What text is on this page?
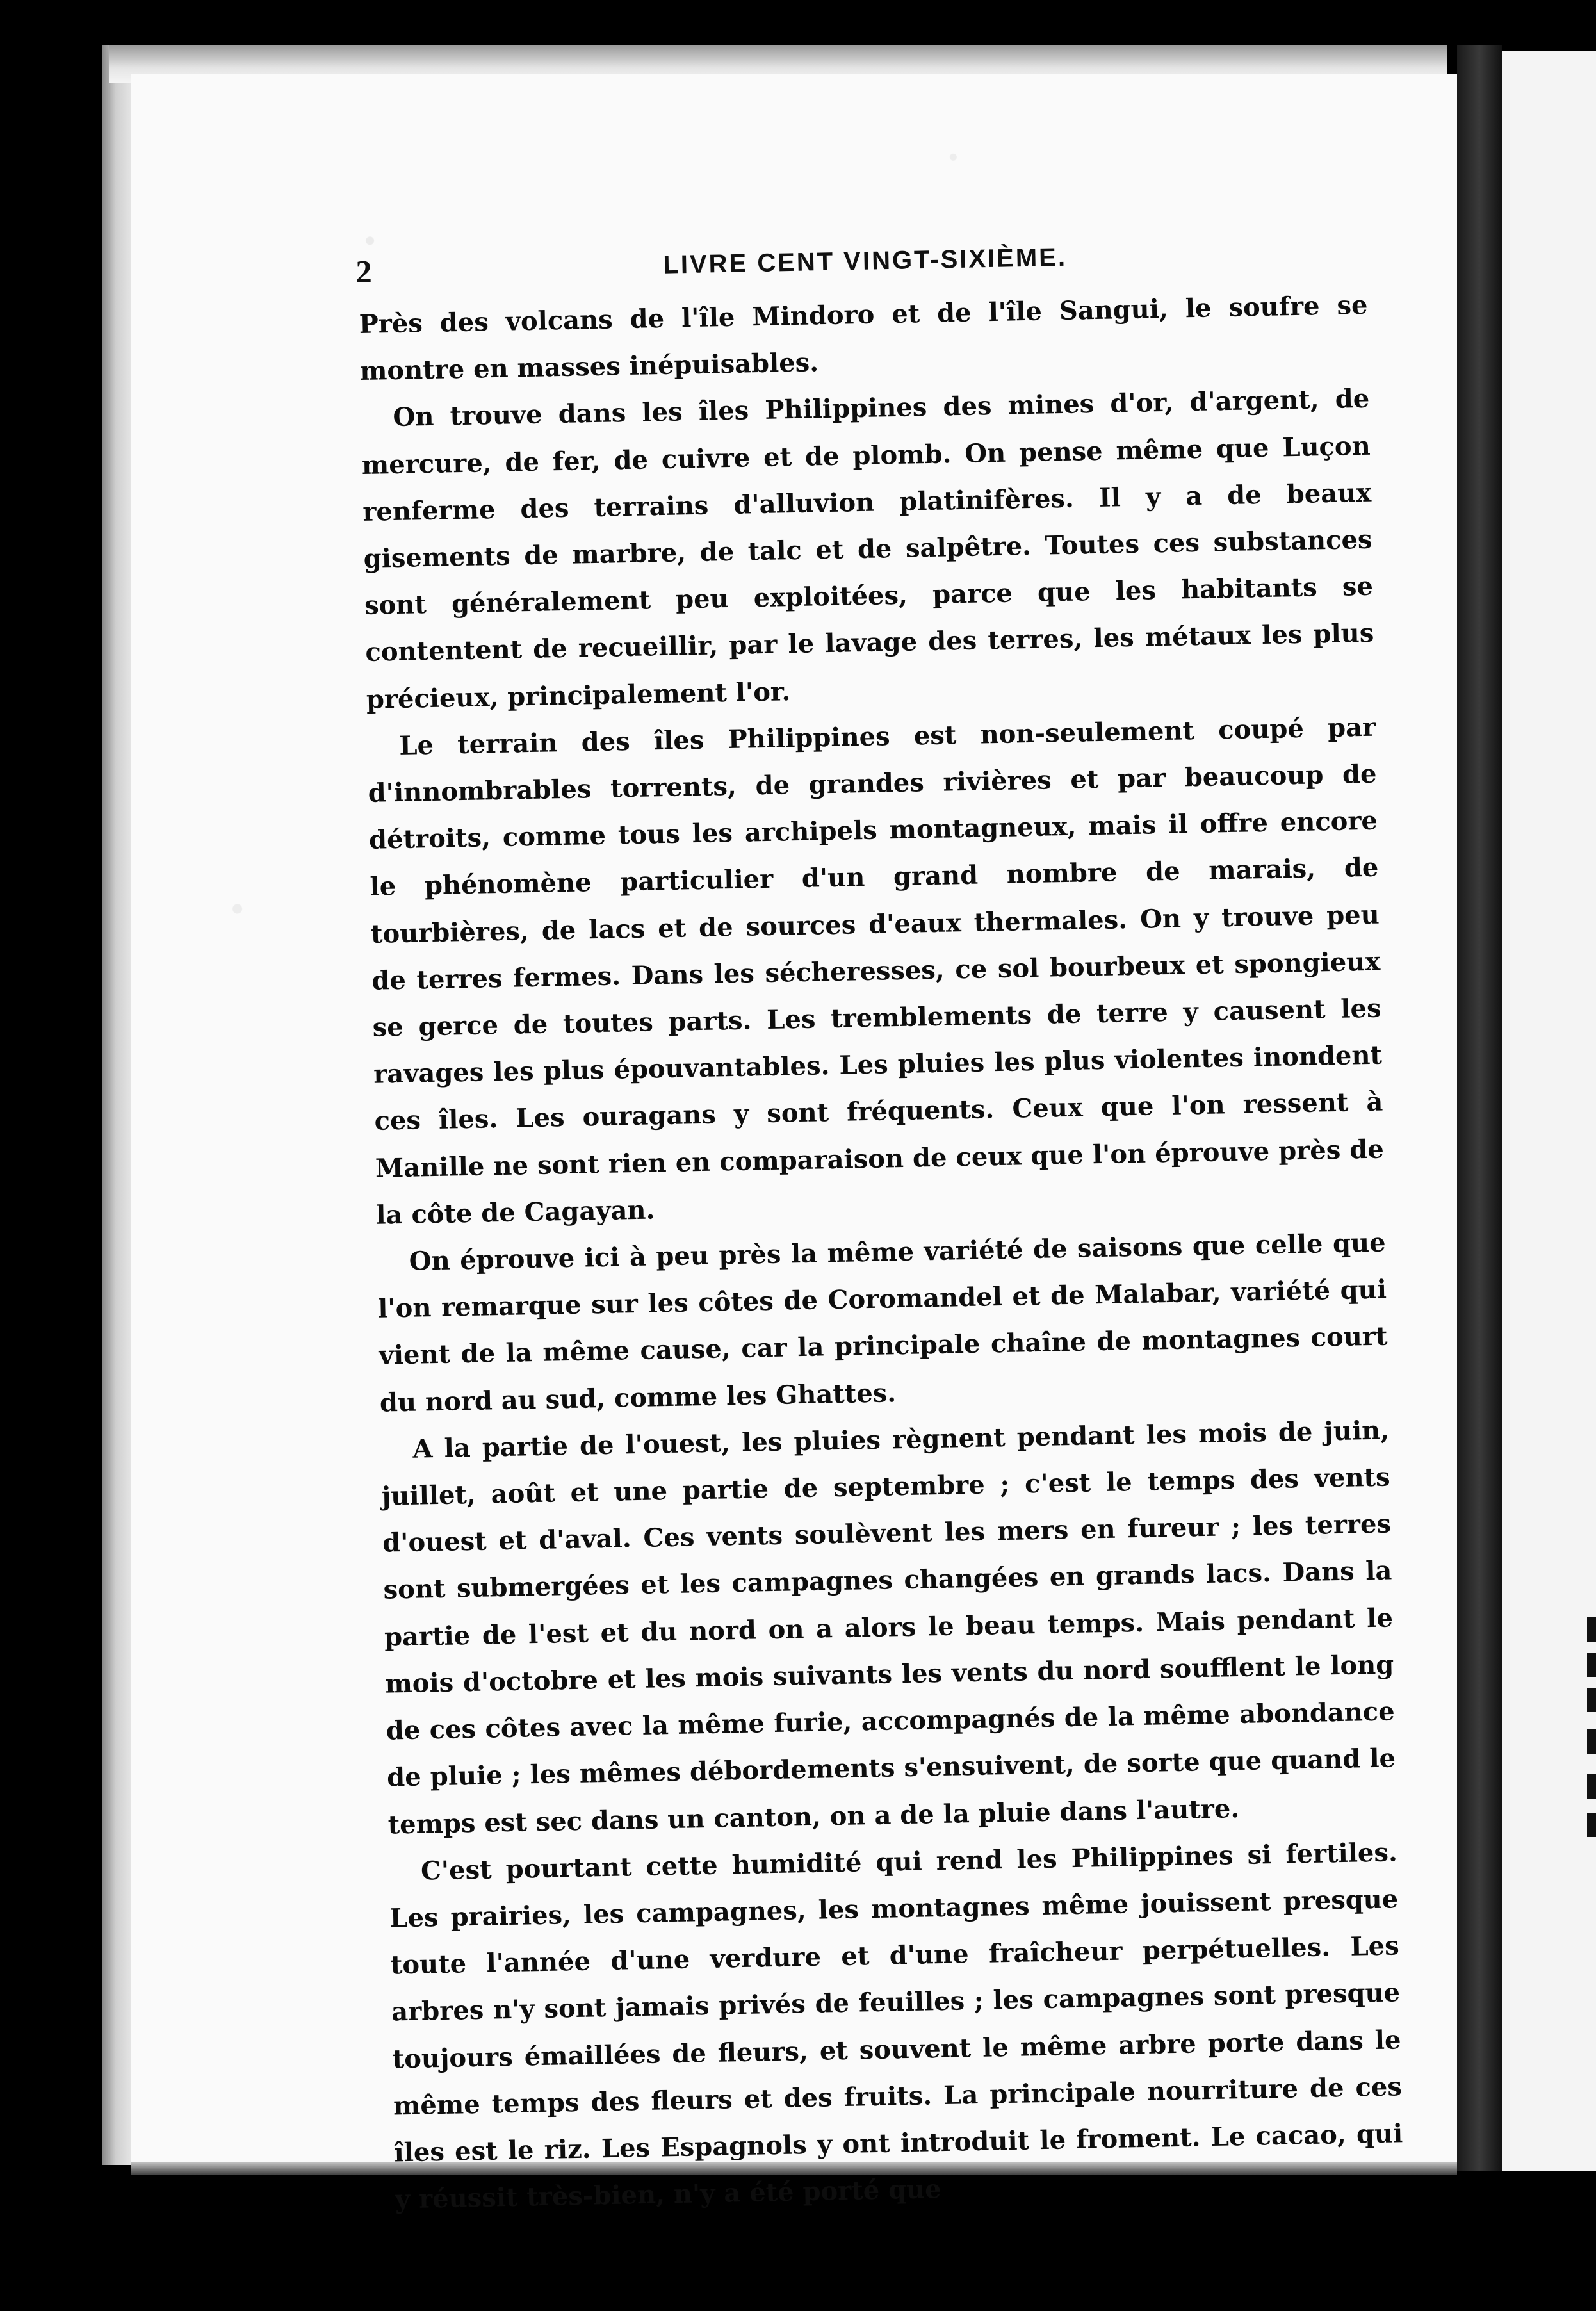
2	LIVRE CENT VINGT-SIXIÈME.

Près des volcans de l'île Mindoro et de l'île Sangui, le soufre se montre en masses inépuisables.

On trouve dans les îles Philippines des mines d'or, d'argent, de mercure, de fer, de cuivre et de plomb. On pense même que Luçon renferme des terrains d'alluvion platinifères. Il y a de beaux gisements de marbre, de talc et de salpêtre. Toutes ces substances sont généralement peu exploitées, parce que les habitants se contentent de recueillir, par le lavage des terres, les métaux les plus précieux, principalement l'or.

Le terrain des îles Philippines est non-seulement coupé par d'innombrables torrents, de grandes rivières et par beaucoup de détroits, comme tous les archipels montagneux, mais il offre encore le phénomène particulier d'un grand nombre de marais, de tourbières, de lacs et de sources d'eaux thermales. On y trouve peu de terres fermes. Dans les sécheresses, ce sol bourbeux et spongieux se gerce de toutes parts. Les tremblements de terre y causent les ravages les plus épouvantables. Les pluies les plus violentes inondent ces îles. Les ouragans y sont fréquents. Ceux que l'on ressent à Manille ne sont rien en comparaison de ceux que l'on éprouve près de la côte de Cagayan.

On éprouve ici à peu près la même variété de saisons que celle que l'on remarque sur les côtes de Coromandel et de Malabar, variété qui vient de la même cause, car la principale chaîne de montagnes court du nord au sud, comme les Ghattes.

A la partie de l'ouest, les pluies règnent pendant les mois de juin, juillet, août et une partie de septembre ; c'est le temps des vents d'ouest et d'aval. Ces vents soulèvent les mers en fureur ; les terres sont submergées et les campagnes changées en grands lacs. Dans la partie de l'est et du nord on a alors le beau temps. Mais pendant le mois d'octobre et les mois suivants les vents du nord soufflent le long de ces côtes avec la même furie, accompagnés de la même abondance de pluie ; les mêmes débordements s'ensuivent, de sorte que quand le temps est sec dans un canton, on a de la pluie dans l'autre.

C'est pourtant cette humidité qui rend les Philippines si fertiles. Les prairies, les campagnes, les montagnes même jouissent presque toute l'année d'une verdure et d'une fraîcheur perpétuelles. Les arbres n'y sont jamais privés de feuilles ; les campagnes sont presque toujours émaillées de fleurs, et souvent le même arbre porte dans le même temps des fleurs et des fruits. La principale nourriture de ces îles est le riz. Les Espagnols y ont introduit le froment. Le cacao, qui y réussit très-bien, n'y a été porté que
